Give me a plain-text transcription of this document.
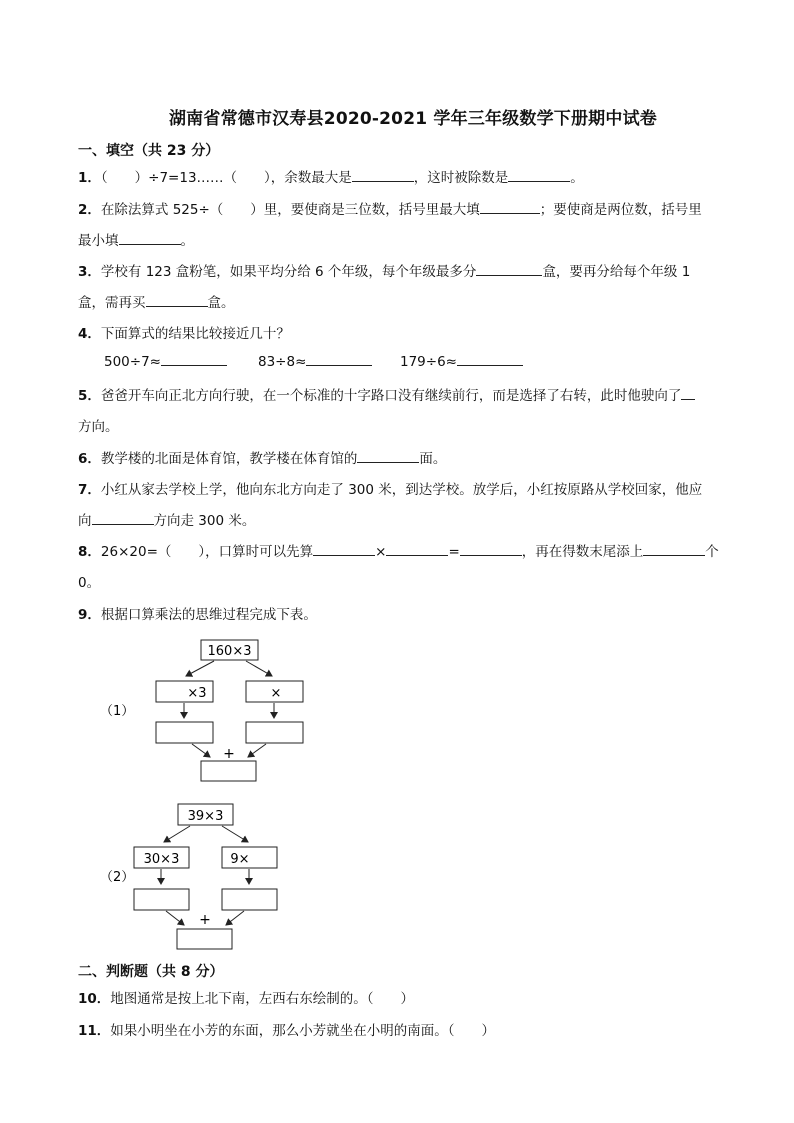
湖南省常德市汉寿县2020-2021 学年三年级数学下册期中试卷
一、填空（共 23 分）
1．（　　）÷7=13……（　　），余数最大是	，这时被除数是	。
2．在除法算式 525÷（　　）里，要使商是三位数，括号里最大填	；要使商是两位数，括号里
最小填	。
3．学校有 123 盒粉笔，如果平均分给 6 个年级，每个年级最多分	盒，要再分给每个年级 1
盒，需再买	盒。
4．下面算式的结果比较接近几十？
500÷7≈	83÷8≈	179÷6≈
5．爸爸开车向正北方向行驶，在一个标准的十字路口没有继续前行，而是选择了右转，此时他驶向了
方向。
6．教学楼的北面是体育馆，教学楼在体育馆的	面。
7．小红从家去学校上学，他向东北方向走了 300 米，到达学校。放学后，小红按原路从学校回家，他应
向	方向走 300 米。
8．26×20=（　　），口算时可以先算	×	=	，再在得数末尾添上	个
0。
9．根据口算乘法的思维过程完成下表。
（1）
160×3
×3	×
+
（2）
39×3
30×3	9×
+
二、判断题（共 8 分）
10．地图通常是按上北下南，左西右东绘制的。（　　）
11．如果小明坐在小芳的东面，那么小芳就坐在小明的南面。（　　）
